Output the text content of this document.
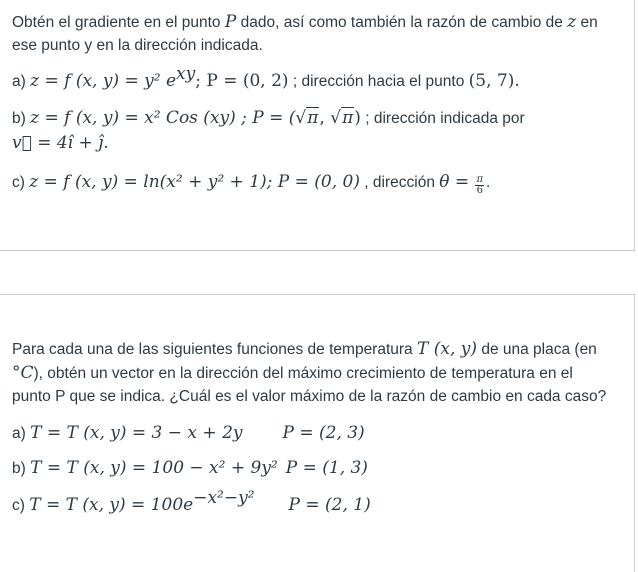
Obtén el gradiente en el punto P dado, así como también la razón de cambio de z en
ese punto y en la dirección indicada.
a) z = f (x, y) = y² $e^{xy}$; P = (0, 2) ; dirección hacia el punto (5, 7).
b) z = f (x, y) = x² Cos (xy) ; P = (√π, √π) ; dirección indicada por
v⃗ = 4î + ĵ.
c) z = f (x, y) = ln(x² + y² + 1); P = (0, 0) , dirección $\theta = \frac{\pi}{6}$ .
Para cada una de las siguientes funciones de temperatura T (x, y) de una placa (en
°C), obtén un vector en la dirección del máximo crecimiento de temperatura en el
punto P que se indica. ¿Cuál es el valor máximo de la razón de cambio en cada caso?
a) T = T (x, y) = 3 − x + 2y P = (2, 3)
b) T = T (x, y) = 100 − x² + 9y² P = (1, 3)
c) T = T (x, $y) = 100e^{-x^2-y^2}$ P = (2, 1)
